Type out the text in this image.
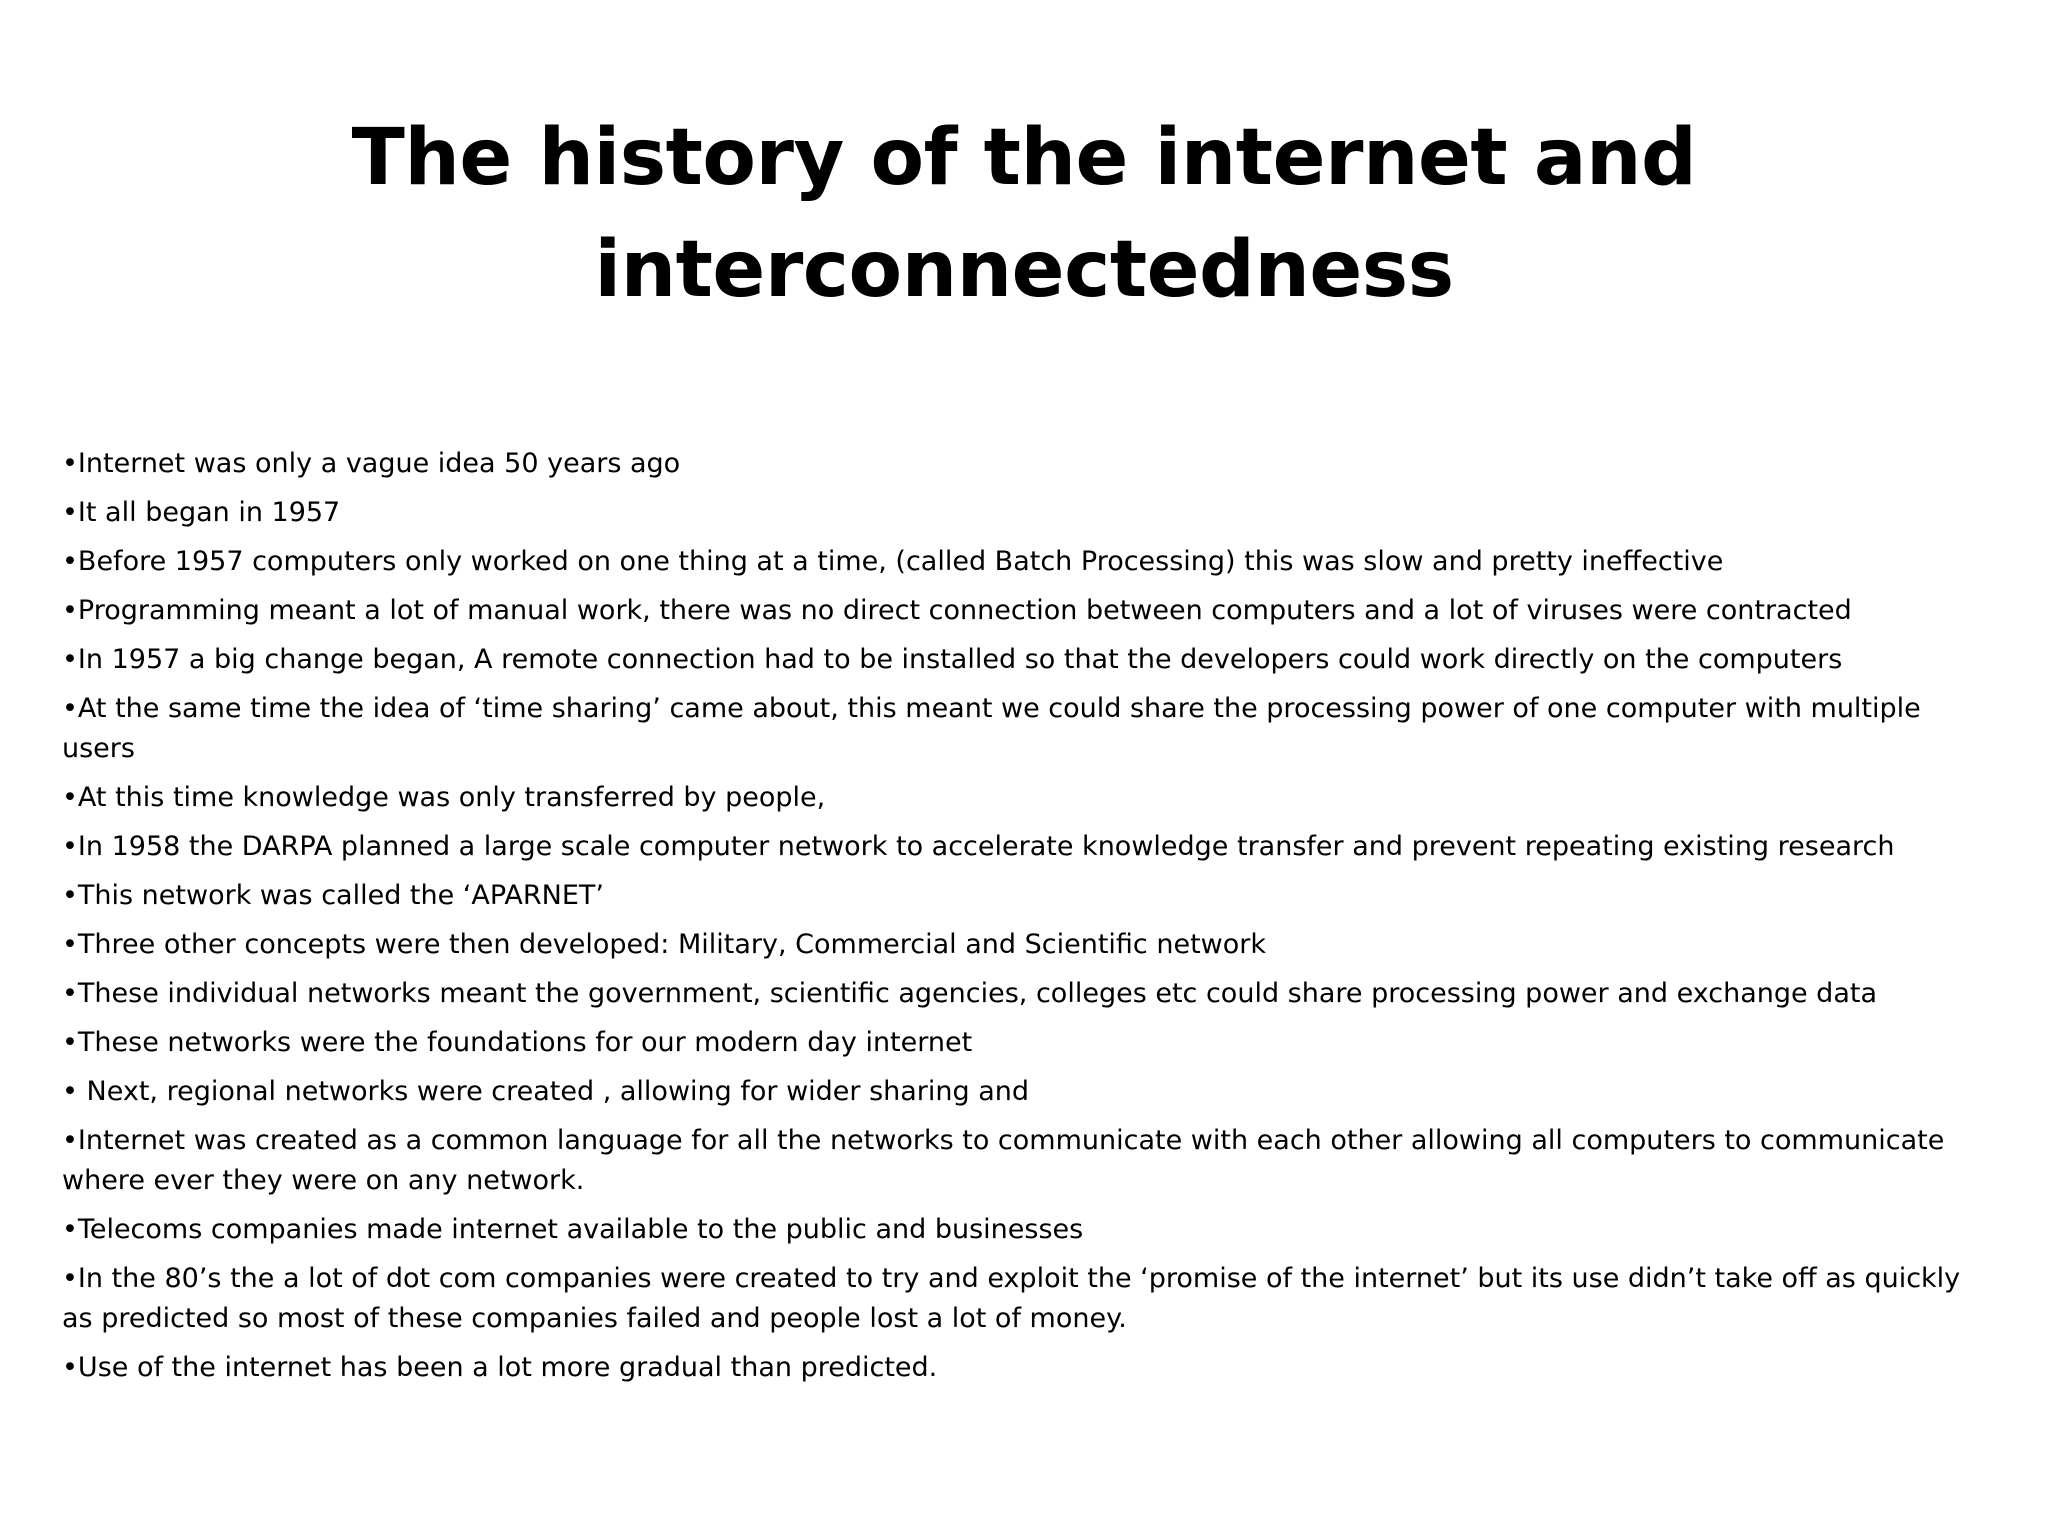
The history of the internet and
interconnectedness
•Internet was only a vague idea 50 years ago
•It all began in 1957
•Before 1957 computers only worked on one thing at a time, (called Batch Processing) this was slow and pretty ineffective
•Programming meant a lot of manual work, there was no direct connection between computers and a lot of viruses were contracted
•In 1957 a big change began, A remote connection had to be installed so that the developers could work directly on the computers
•At the same time the idea of ‘time sharing’ came about, this meant we could share the processing power of one computer with multiple users
•At this time knowledge was only transferred by people,
•In 1958 the DARPA planned a large scale computer network to accelerate knowledge transfer and prevent repeating existing research
•This network was called the ‘APARNET’
•Three other concepts were then developed: Military, Commercial and Scientific network
•These individual networks meant the government, scientific agencies, colleges etc could share processing power and exchange data
•These networks were the foundations for our modern day internet
• Next, regional networks were created , allowing for wider sharing and
•Internet was created as a common language for all the networks to communicate with each other allowing all computers to communicate where ever they were on any network.
•Telecoms companies made internet available to the public and businesses
•In the 80’s the a lot of dot com companies were created to try and exploit the ‘promise of the internet’ but its use didn’t take off as quickly as predicted so most of these companies failed and people lost a lot of money.
•Use of the internet has been a lot more gradual than predicted.
